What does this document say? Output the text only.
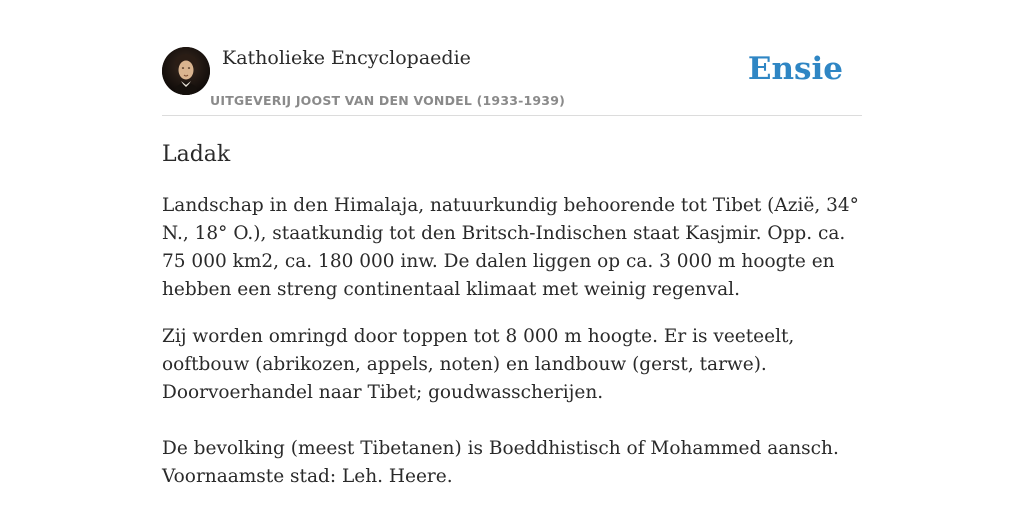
Katholieke Encyclopaedie
UITGEVERIJ JOOST VAN DEN VONDEL (1933-1939)
Ensie
Ladak

Landschap in den Himalaja, natuurkundig behoorende tot Tibet (Azië, 34° N., 18° O.), staatkundig tot den Britsch-Indischen staat Kasjmir. Opp. ca. 75 000 km2, ca. 180 000 inw. De dalen liggen op ca. 3 000 m hoogte en hebben een streng continentaal klimaat met weinig regenval.

Zij worden omringd door toppen tot 8 000 m hoogte. Er is veeteelt, ooftbouw (abrikozen, appels, noten) en landbouw (gerst, tarwe). Doorvoerhandel naar Tibet; goudwasscherijen.

De bevolking (meest Tibetanen) is Boeddhistisch of Mohammed aansch. Voornaamste stad: Leh. Heere.
